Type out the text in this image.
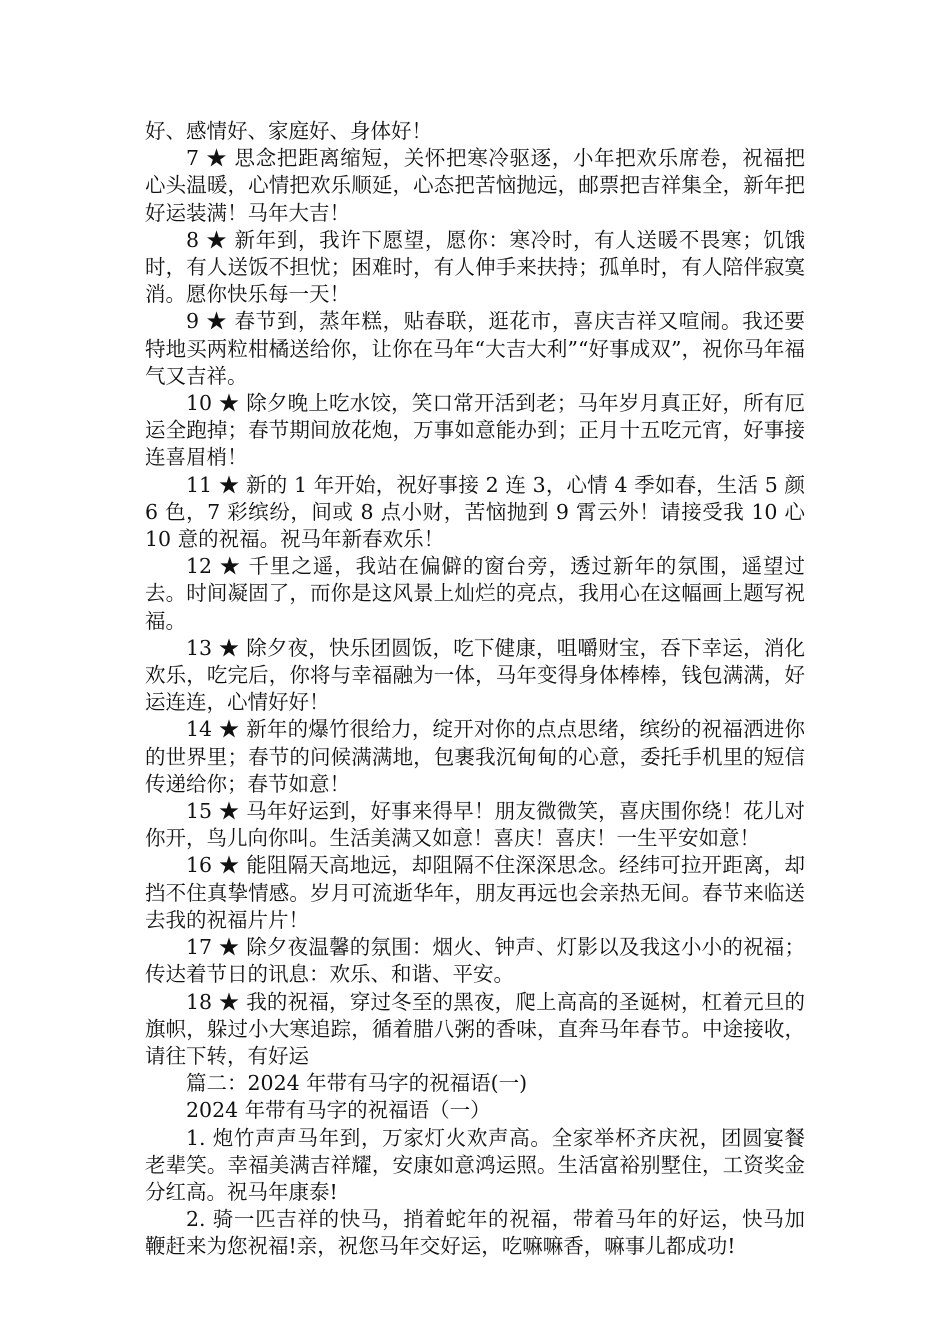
好、感情好、家庭好、身体好！

7 ★ 思念把距离缩短，关怀把寒冷驱逐，小年把欢乐席卷，祝福把心头温暖，心情把欢乐顺延，心态把苦恼抛远，邮票把吉祥集全，新年把好运装满！马年大吉！

8 ★ 新年到，我许下愿望，愿你：寒冷时，有人送暖不畏寒；饥饿时，有人送饭不担忧；困难时，有人伸手来扶持；孤单时，有人陪伴寂寞消。愿你快乐每一天！

9 ★ 春节到，蒸年糕，贴春联，逛花市，喜庆吉祥又喧闹。我还要特地买两粒柑橘送给你，让你在马年“大吉大利”“好事成双”，祝你马年福气又吉祥。

10 ★ 除夕晚上吃水饺，笑口常开活到老；马年岁月真正好，所有厄运全跑掉；春节期间放花炮，万事如意能办到；正月十五吃元宵，好事接连喜眉梢！

11 ★ 新的 1 年开始，祝好事接 2 连 3，心情 4 季如春，生活 5 颜 6 色，7 彩缤纷，间或 8 点小财，苦恼抛到 9 霄云外！请接受我 10 心 10 意的祝福。祝马年新春欢乐！

12 ★ 千里之遥，我站在偏僻的窗台旁，透过新年的氛围，遥望过去。时间凝固了，而你是这风景上灿烂的亮点，我用心在这幅画上题写祝福。

13 ★ 除夕夜，快乐团圆饭，吃下健康，咀嚼财宝，吞下幸运，消化欢乐，吃完后，你将与幸福融为一体，马年变得身体棒棒，钱包满满，好运连连，心情好好！

14 ★ 新年的爆竹很给力，绽开对你的点点思绪，缤纷的祝福洒进你的世界里；春节的问候满满地，包裹我沉甸甸的心意，委托手机里的短信传递给你；春节如意！

15 ★ 马年好运到，好事来得早！朋友微微笑，喜庆围你绕！花儿对你开，鸟儿向你叫。生活美满又如意！喜庆！喜庆！一生平安如意！

16 ★ 能阻隔天高地远，却阻隔不住深深思念。经纬可拉开距离，却挡不住真挚情感。岁月可流逝华年，朋友再远也会亲热无间。春节来临送去我的祝福片片！

17 ★ 除夕夜温馨的氛围：烟火、钟声、灯影以及我这小小的祝福；传达着节日的讯息：欢乐、和谐、平安。

18 ★ 我的祝福，穿过冬至的黑夜，爬上高高的圣诞树，杠着元旦的旗帜，躲过小大寒追踪，循着腊八粥的香味，直奔马年春节。中途接收，请往下转，有好运

篇二：2024 年带有马字的祝福语(一)

2024 年带有马字的祝福语（一）

1. 炮竹声声马年到，万家灯火欢声高。全家举杯齐庆祝，团圆宴餐老辈笑。幸福美满吉祥耀，安康如意鸿运照。生活富裕别墅住，工资奖金分红高。祝马年康泰!

2. 骑一匹吉祥的快马，捎着蛇年的祝福，带着马年的好运，快马加鞭赶来为您祝福!亲，祝您马年交好运，吃嘛嘛香，嘛事儿都成功!
